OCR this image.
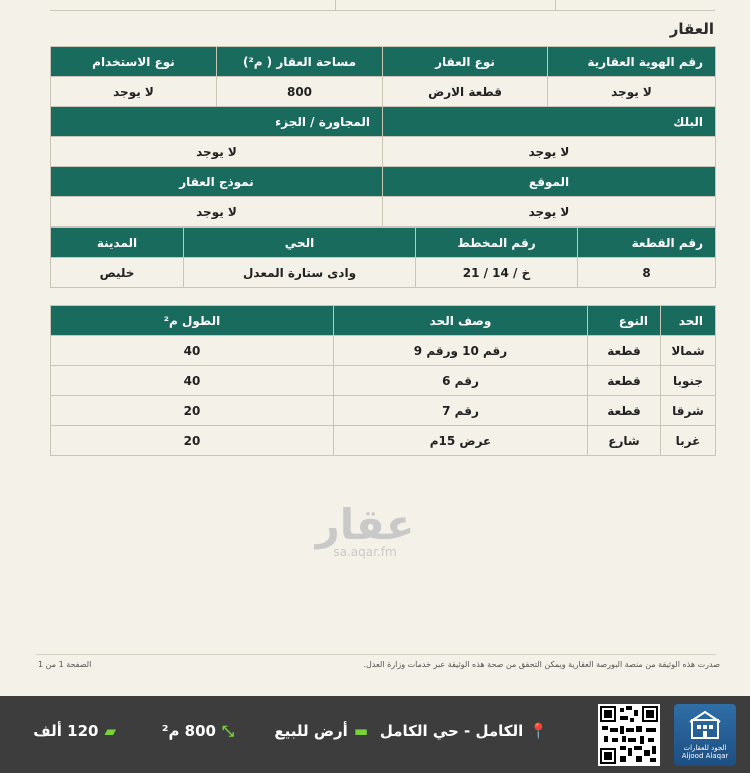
العقار
رقم الهوية العقارية	نوع العقار	مساحة العقار ( م²)	نوع الاستخدام
لا يوجد	قطعة الارض	800	لا يوجد
البلك		المجاورة / الجزء	
لا يوجد		لا يوجد	
الموقع		نموذج العقار	
لا يوجد		لا يوجد	
رقم القطعة	رقم المخطط	الحي	المدينة
8	خ / 14 / 21	وادى ستارة المعدل	خليص
الحد	النوع	وصف الحد	الطول م²
شمالا	قطعة	رقم 10 ورقم 9	40
جنوبا	قطعة	رقم 6	40
شرقا	قطعة	رقم 7	20
غربا	شارع	عرض 15م	20
عقار
sa.aqar.fm
صدرت هذه الوثيقة من منصة البورصة العقارية ويمكن التحقق من صحة هذه الوثيقة عبر خدمات وزارة العدل.
الصفحة 1 من 1
الجود للعقارات
Aljood Alaqar
📍
الكامل - حي الكامل
▬
أرض للبيع
⤡
800 م²
▰
120 ألف
